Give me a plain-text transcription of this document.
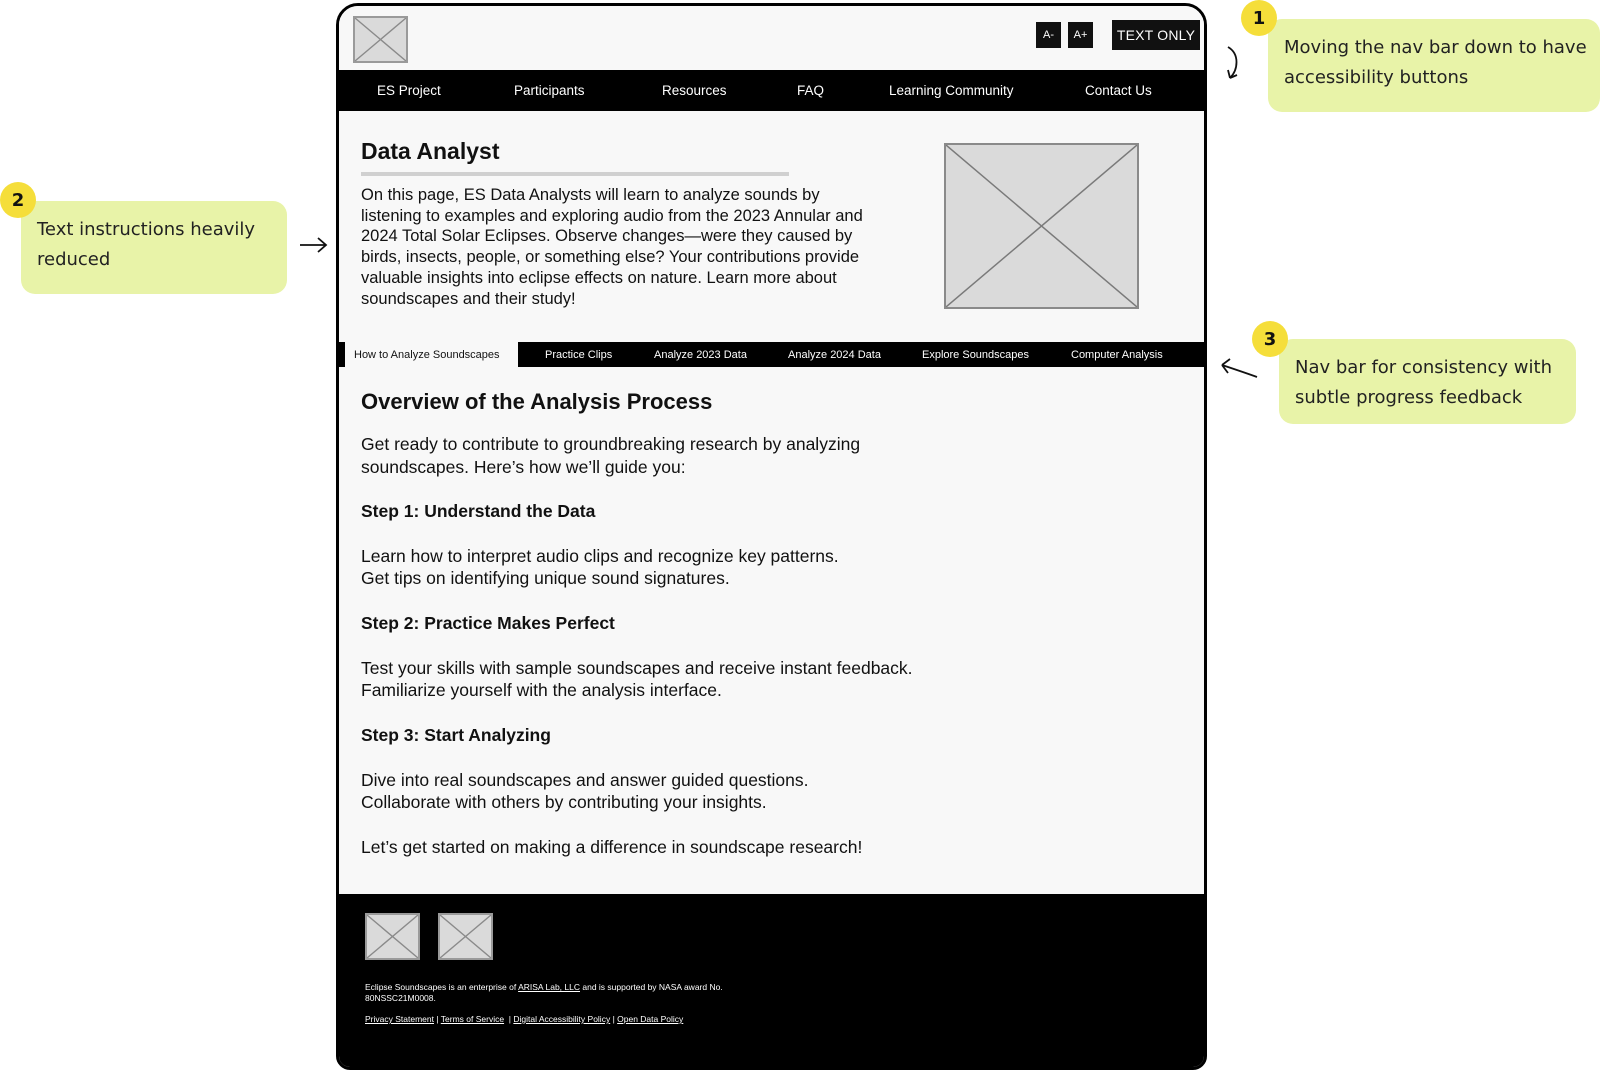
A-	A+	TEXT ONLY
ES Project	Participants	Resources	FAQ	Learning Community	Contact Us
Data Analyst

On this page, ES Data Analysts will learn to analyze sounds by listening to examples and exploring audio from the 2023 Annular and 2024 Total Solar Eclipses. Observe changes—were they caused by birds, insects, people, or something else? Your contributions provide valuable insights into eclipse effects on nature. Learn more about soundscapes and their study!

How to Analyze Soundscapes	Practice Clips	Analyze 2023 Data	Analyze 2024 Data	Explore Soundscapes	Computer Analysis
Overview of the Analysis Process

Get ready to contribute to groundbreaking research by analyzing soundscapes. Here’s how we’ll guide you:

Step 1: Understand the Data

Learn how to interpret audio clips and recognize key patterns.

Get tips on identifying unique sound signatures.

Step 2: Practice Makes Perfect

Test your skills with sample soundscapes and receive instant feedback.

Familiarize yourself with the analysis interface.

Step 3: Start Analyzing

Dive into real soundscapes and answer guided questions.

Collaborate with others by contributing your insights.

Let’s get started on making a difference in soundscape research!

Eclipse Soundscapes is an enterprise of ARISA Lab, LLC and is supported by NASA award No. 80NSSC21M0008.

Privacy Statement | Terms of Service  | Digital Accessibility Policy | Open Data Policy

Moving the nav bar down to have accessibility buttons
1
Text instructions heavily reduced
2
Nav bar for consistency with subtle progress feedback
3
